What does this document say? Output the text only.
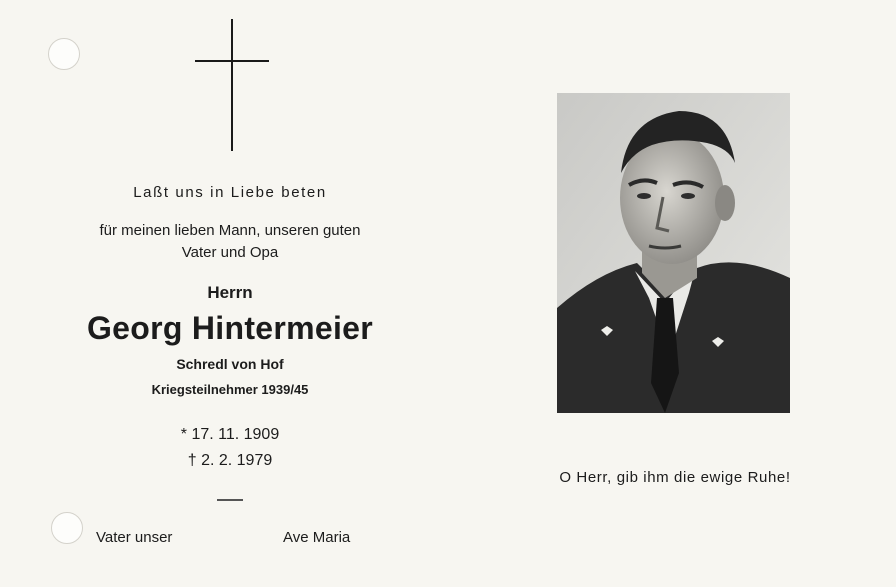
Laßt uns in Liebe beten
für meinen lieben Mann, unseren guten
Vater und Opa
Herrn
Georg Hintermeier
Schredl von Hof
Kriegsteilnehmer 1939/45
* 17. 11. 1909
† 2. 2. 1979
Vater unser	Ave Maria
O Herr, gib ihm die ewige Ruhe!
